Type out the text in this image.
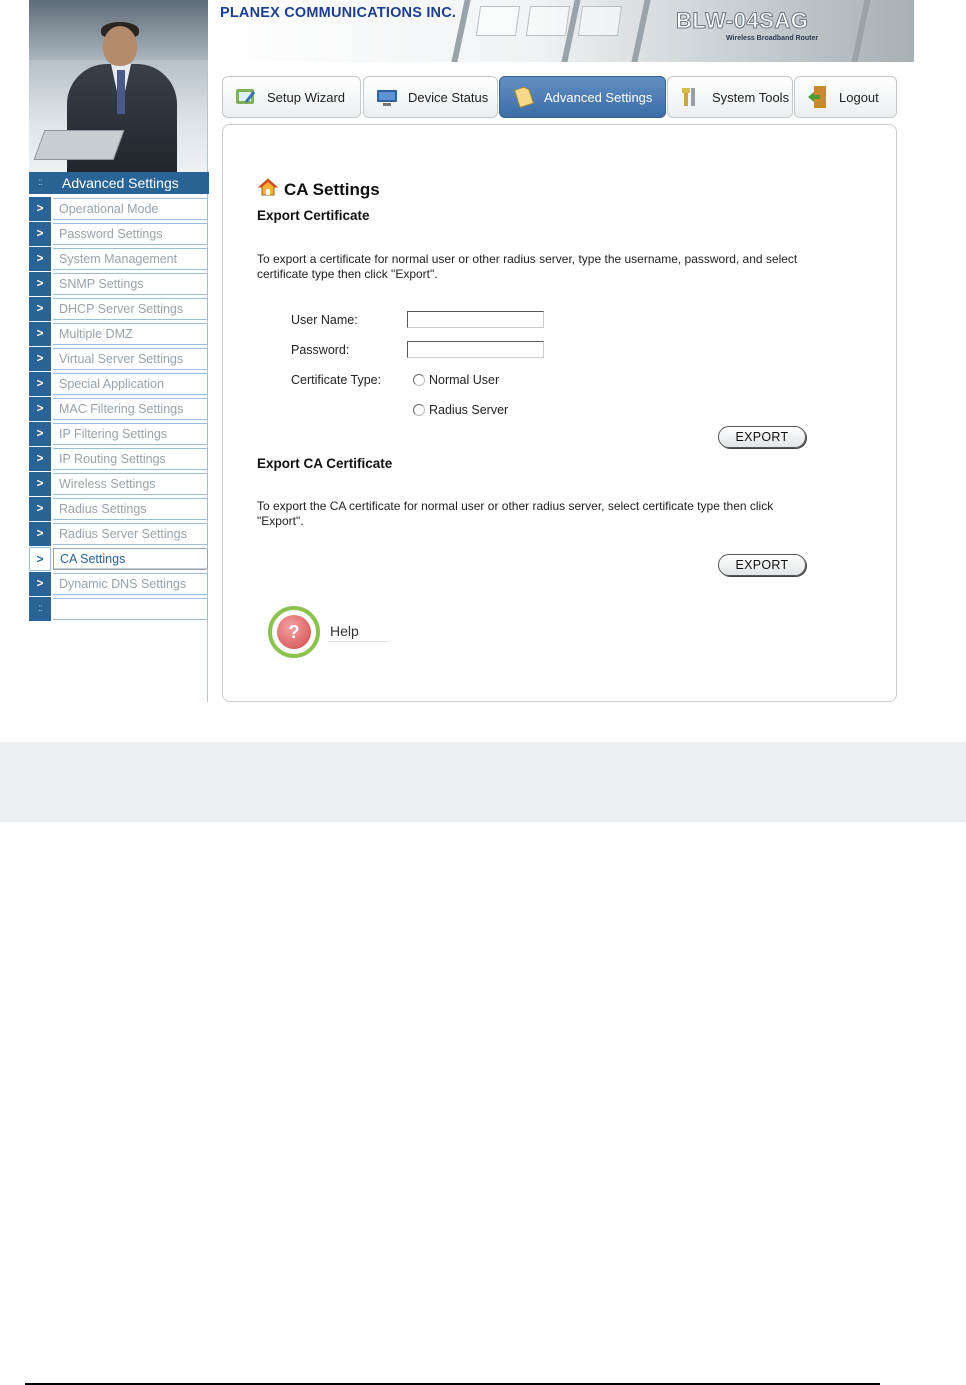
PLANEX COMMUNICATIONS INC.	BLW-04SAG
Wireless Broadband Router
Setup Wizard	Device Status	Advanced Settings	System Tools	Logout
::	Advanced Settings
>	Operational Mode
>	Password Settings
>	System Management
>	SNMP Settings
>	DHCP Server Settings
>	Multiple DMZ
>	Virtual Server Settings
>	Special Application
>	MAC Filtering Settings
>	IP Filtering Settings
>	IP Routing Settings
>	Wireless Settings
>	Radius Settings
>	Radius Server Settings
>	CA Settings
>	Dynamic DNS Settings
::
CA Settings
Export Certificate
To export a certificate for normal user or other radius server, type the username, password, and select certificate type then click "Export".
User Name:
Password:
Certificate Type:	Normal User
Radius Server
EXPORT
Export CA Certificate
To export the CA certificate for normal user or other radius server, select certificate type then click "Export".
EXPORT
?	Help
